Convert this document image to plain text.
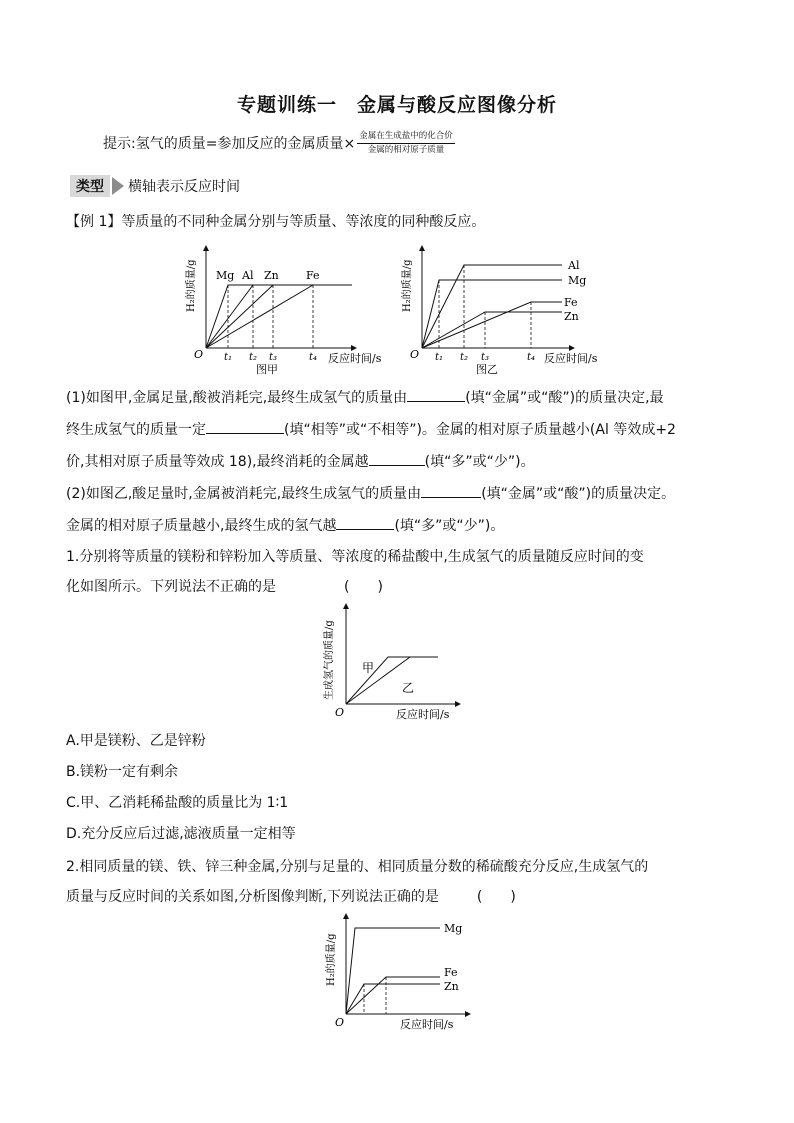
专题训练一　金属与酸反应图像分析
提示:氢气的质量=参加反应的金属质量× $\frac{\text{金属在生成盐中的化合价}}{\text{金属的相对原子质量}}$
类型	横轴表示反应时间
【例 1】等质量的不同种金属分别与等质量、等浓度的同种酸反应。
O
H₂的质量/g Mg Al Zn Fe
t₁ t₂ t₃	t₄ 反应时间/s
图甲
O
H₂的质量/g	Al
Mg
Fe
Zn
t₁ t₂ t₃	t₄ 反应时间/s
图乙
(1)如图甲,金属足量,酸被消耗完,最终生成氢气的质量由	(填“金属”或“酸”)的质量决定,最
终生成氢气的质量一定	(填“相等”或“不相等”)。金属的相对原子质量越小(Al 等效成+2
价,其相对原子质量等效成 18),最终消耗的金属越	(填“多”或“少”)。
(2)如图乙,酸足量时,金属被消耗完,最终生成氢气的质量由	(填“金属”或“酸”)的质量决定。
金属的相对原子质量越小,最终生成的氢气越	(填“多”或“少”)。
1.分别将等质量的镁粉和锌粉加入等质量、等浓度的稀盐酸中,生成氢气的质量随反应时间的变
化如图所示。下列说法不正确的是	(　　)
O
生成氢气的质量/g 甲
乙
反应时间/s
A.甲是镁粉、乙是锌粉
B.镁粉一定有剩余
C.甲、乙消耗稀盐酸的质量比为 1∶1
D.充分反应后过滤,滤液质量一定相等
2.相同质量的镁、铁、锌三种金属,分别与足量的、相同质量分数的稀硫酸充分反应,生成氢气的
质量与反应时间的关系如图,分析图像判断,下列说法正确的是	(　　)
O
H₂的质量/g
Mg
Fe
Zn
反应时间/s
